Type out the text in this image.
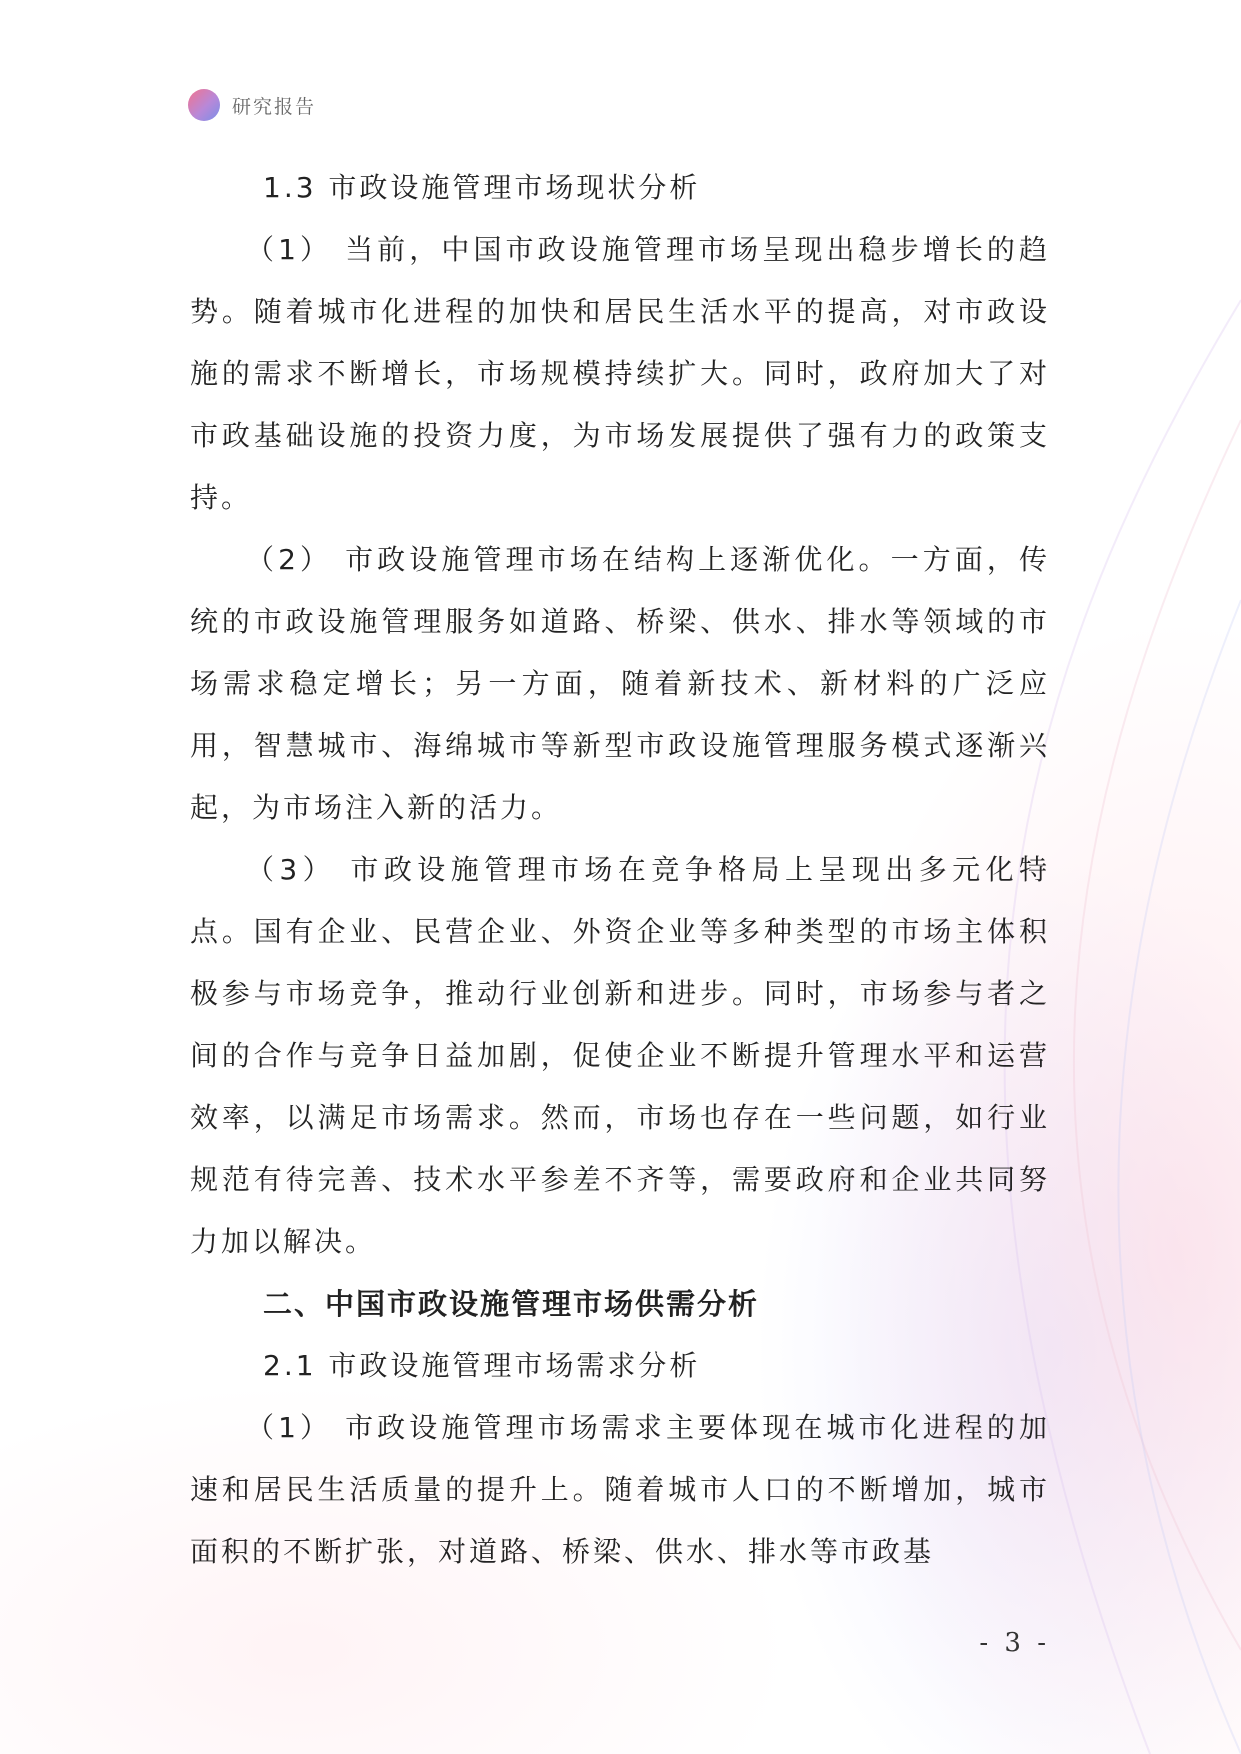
研究报告
1.3 市政设施管理市场现状分析

（1） 当前，中国市政设施管理市场呈现出稳步增长的趋势。随着城市化进程的加快和居民生活水平的提高，对市政设施的需求不断增长，市场规模持续扩大。同时，政府加大了对市政基础设施的投资力度，为市场发展提供了强有力的政策支持。

（2） 市政设施管理市场在结构上逐渐优化。一方面，传统的市政设施管理服务如道路、桥梁、供水、排水等领域的市场需求稳定增长；另一方面，随着新技术、新材料的广泛应用，智慧城市、海绵城市等新型市政设施管理服务模式逐渐兴起，为市场注入新的活力。

（3） 市政设施管理市场在竞争格局上呈现出多元化特点。国有企业、民营企业、外资企业等多种类型的市场主体积极参与市场竞争，推动行业创新和进步。同时，市场参与者之间的合作与竞争日益加剧，促使企业不断提升管理水平和运营效率，以满足市场需求。然而，市场也存在一些问题，如行业规范有待完善、技术水平参差不齐等，需要政府和企业共同努力加以解决。

二、中国市政设施管理市场供需分析
2.1 市政设施管理市场需求分析

（1） 市政设施管理市场需求主要体现在城市化进程的加速和居民生活质量的提升上。随着城市人口的不断增加，城市面积的不断扩张，对道路、桥梁、供水、排水等市政基

- 3 -
